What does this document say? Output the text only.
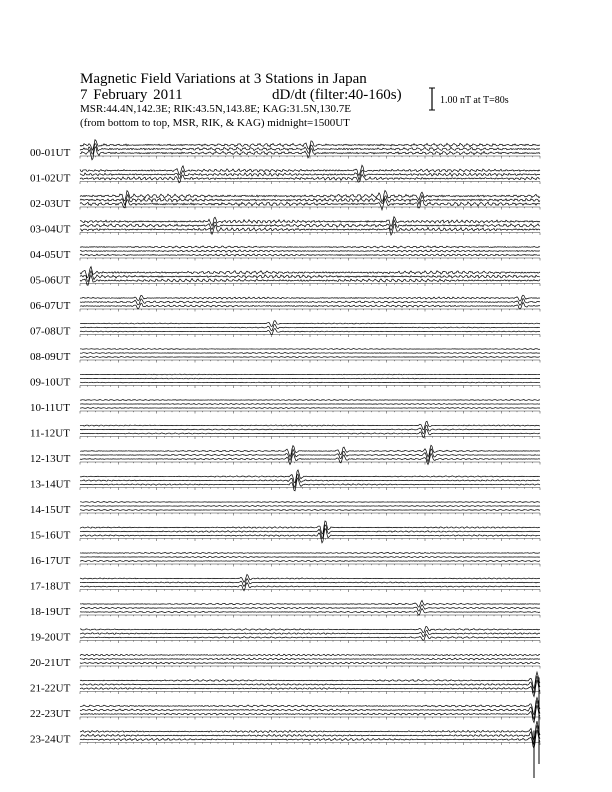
Magnetic Field Variations at 3 Stations in Japan
7 February 2011	dD/dt (filter:40-160s)
MSR:44.4N,142.3E; RIK:43.5N,143.8E; KAG:31.5N,130.7E
(from bottom to top, MSR, RIK, & KAG) midnight=1500UT
1.00 nT at T=80s
00-01UT
01-02UT
02-03UT
03-04UT
04-05UT
05-06UT
06-07UT
07-08UT
08-09UT
09-10UT
10-11UT
11-12UT
12-13UT
13-14UT
14-15UT
15-16UT
16-17UT
17-18UT
18-19UT
19-20UT
20-21UT
21-22UT
22-23UT
23-24UT
